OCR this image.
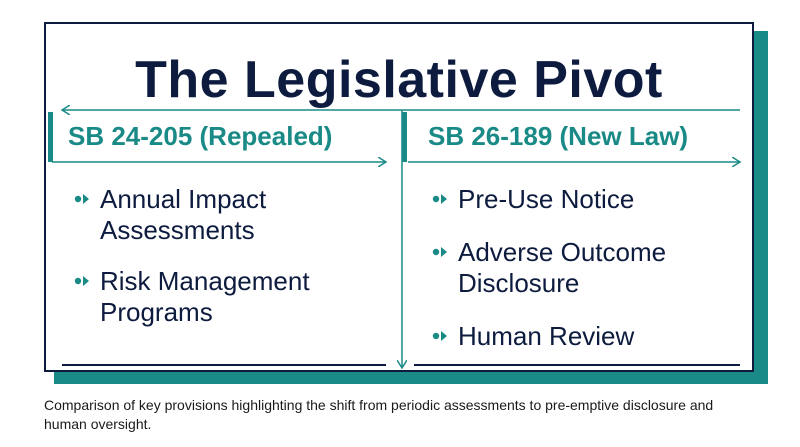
The Legislative Pivot
SB 24-205 (Repealed)	SB 26-189 (New Law)
Annual Impact Assessments
Risk Management Programs
Pre-Use Notice
Adverse Outcome Disclosure
Human Review
Comparison of key provisions highlighting the shift from periodic assessments to pre-emptive disclosure and human oversight.
